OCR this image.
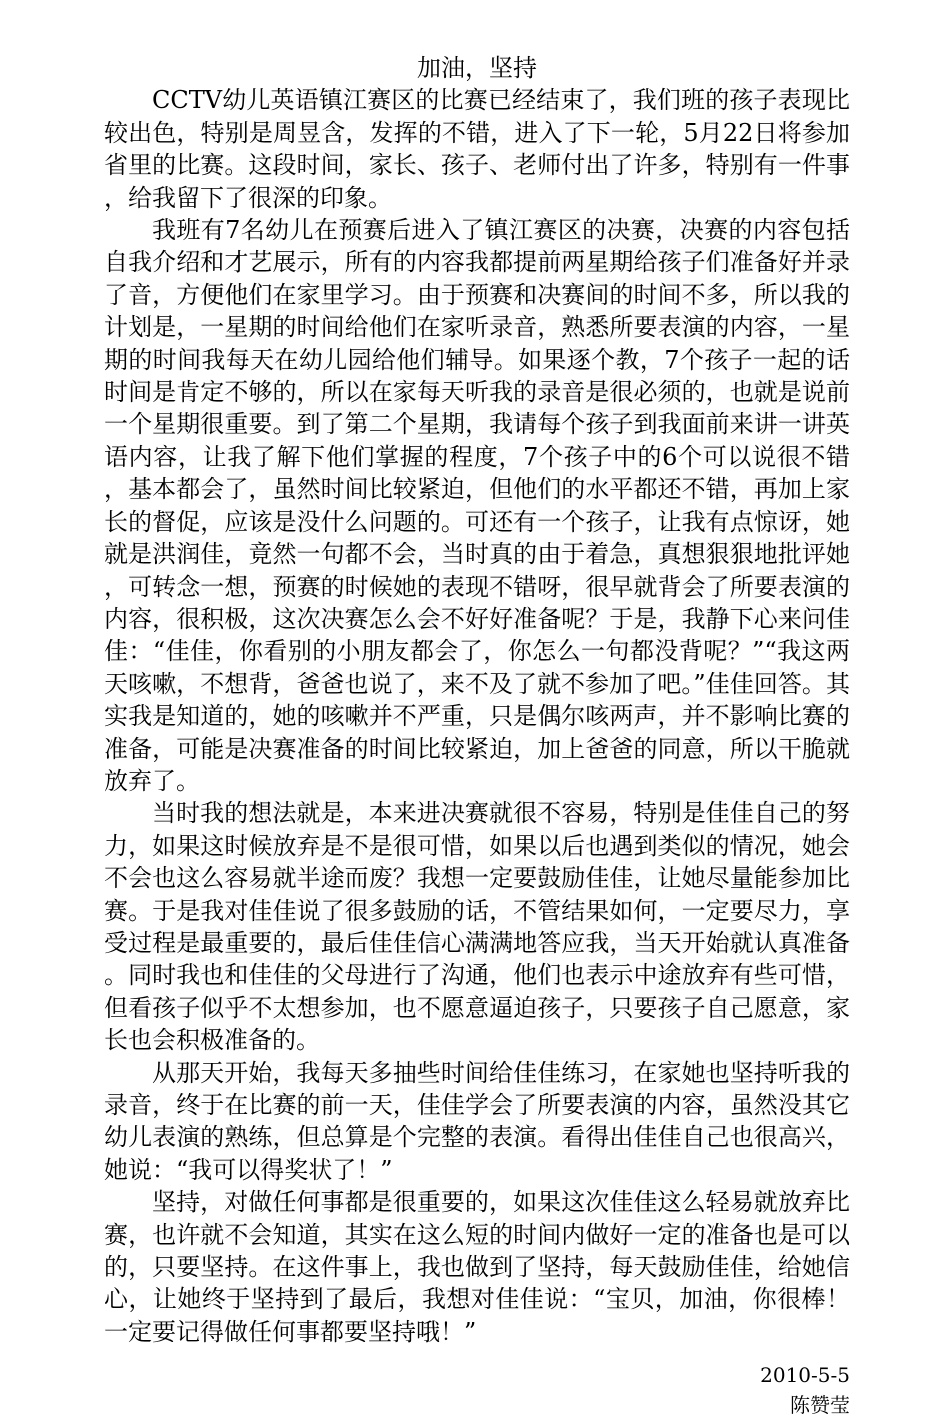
加油，坚持

CCTV幼儿英语镇江赛区的比赛已经结束了，我们班的孩子表现比较出色，特别是周昱含，发挥的不错，进入了下一轮，5月22日将参加省里的比赛。这段时间，家长、孩子、老师付出了许多，特别有一件事，给我留下了很深的印象。

我班有7名幼儿在预赛后进入了镇江赛区的决赛，决赛的内容包括自我介绍和才艺展示，所有的内容我都提前两星期给孩子们准备好并录了音，方便他们在家里学习。由于预赛和决赛间的时间不多，所以我的计划是，一星期的时间给他们在家听录音，熟悉所要表演的内容，一星期的时间我每天在幼儿园给他们辅导。如果逐个教，7个孩子一起的话时间是肯定不够的，所以在家每天听我的录音是很必须的，也就是说前一个星期很重要。到了第二个星期，我请每个孩子到我面前来讲一讲英语内容，让我了解下他们掌握的程度，7个孩子中的6个可以说很不错，基本都会了，虽然时间比较紧迫，但他们的水平都还不错，再加上家长的督促，应该是没什么问题的。可还有一个孩子，让我有点惊讶，她就是洪润佳，竟然一句都不会，当时真的由于着急，真想狠狠地批评她，可转念一想，预赛的时候她的表现不错呀，很早就背会了所要表演的内容，很积极，这次决赛怎么会不好好准备呢？于是，我静下心来问佳佳：“佳佳，你看别的小朋友都会了，你怎么一句都没背呢？”“我这两天咳嗽，不想背，爸爸也说了，来不及了就不参加了吧。”佳佳回答。其实我是知道的，她的咳嗽并不严重，只是偶尔咳两声，并不影响比赛的准备，可能是决赛准备的时间比较紧迫，加上爸爸的同意，所以干脆就放弃了。

当时我的想法就是，本来进决赛就很不容易，特别是佳佳自己的努力，如果这时候放弃是不是很可惜，如果以后也遇到类似的情况，她会不会也这么容易就半途而废？我想一定要鼓励佳佳，让她尽量能参加比赛。于是我对佳佳说了很多鼓励的话，不管结果如何，一定要尽力，享受过程是最重要的，最后佳佳信心满满地答应我，当天开始就认真准备。同时我也和佳佳的父母进行了沟通，他们也表示中途放弃有些可惜，但看孩子似乎不太想参加，也不愿意逼迫孩子，只要孩子自己愿意，家长也会积极准备的。

从那天开始，我每天多抽些时间给佳佳练习，在家她也坚持听我的录音，终于在比赛的前一天，佳佳学会了所要表演的内容，虽然没其它幼儿表演的熟练，但总算是个完整的表演。看得出佳佳自己也很高兴，她说：“我可以得奖状了！”

坚持，对做任何事都是很重要的，如果这次佳佳这么轻易就放弃比赛，也许就不会知道，其实在这么短的时间内做好一定的准备也是可以的，只要坚持。在这件事上，我也做到了坚持，每天鼓励佳佳，给她信心，让她终于坚持到了最后，我想对佳佳说：“宝贝，加油，你很棒！一定要记得做任何事都要坚持哦！”

2010-5-5

陈赞莹
